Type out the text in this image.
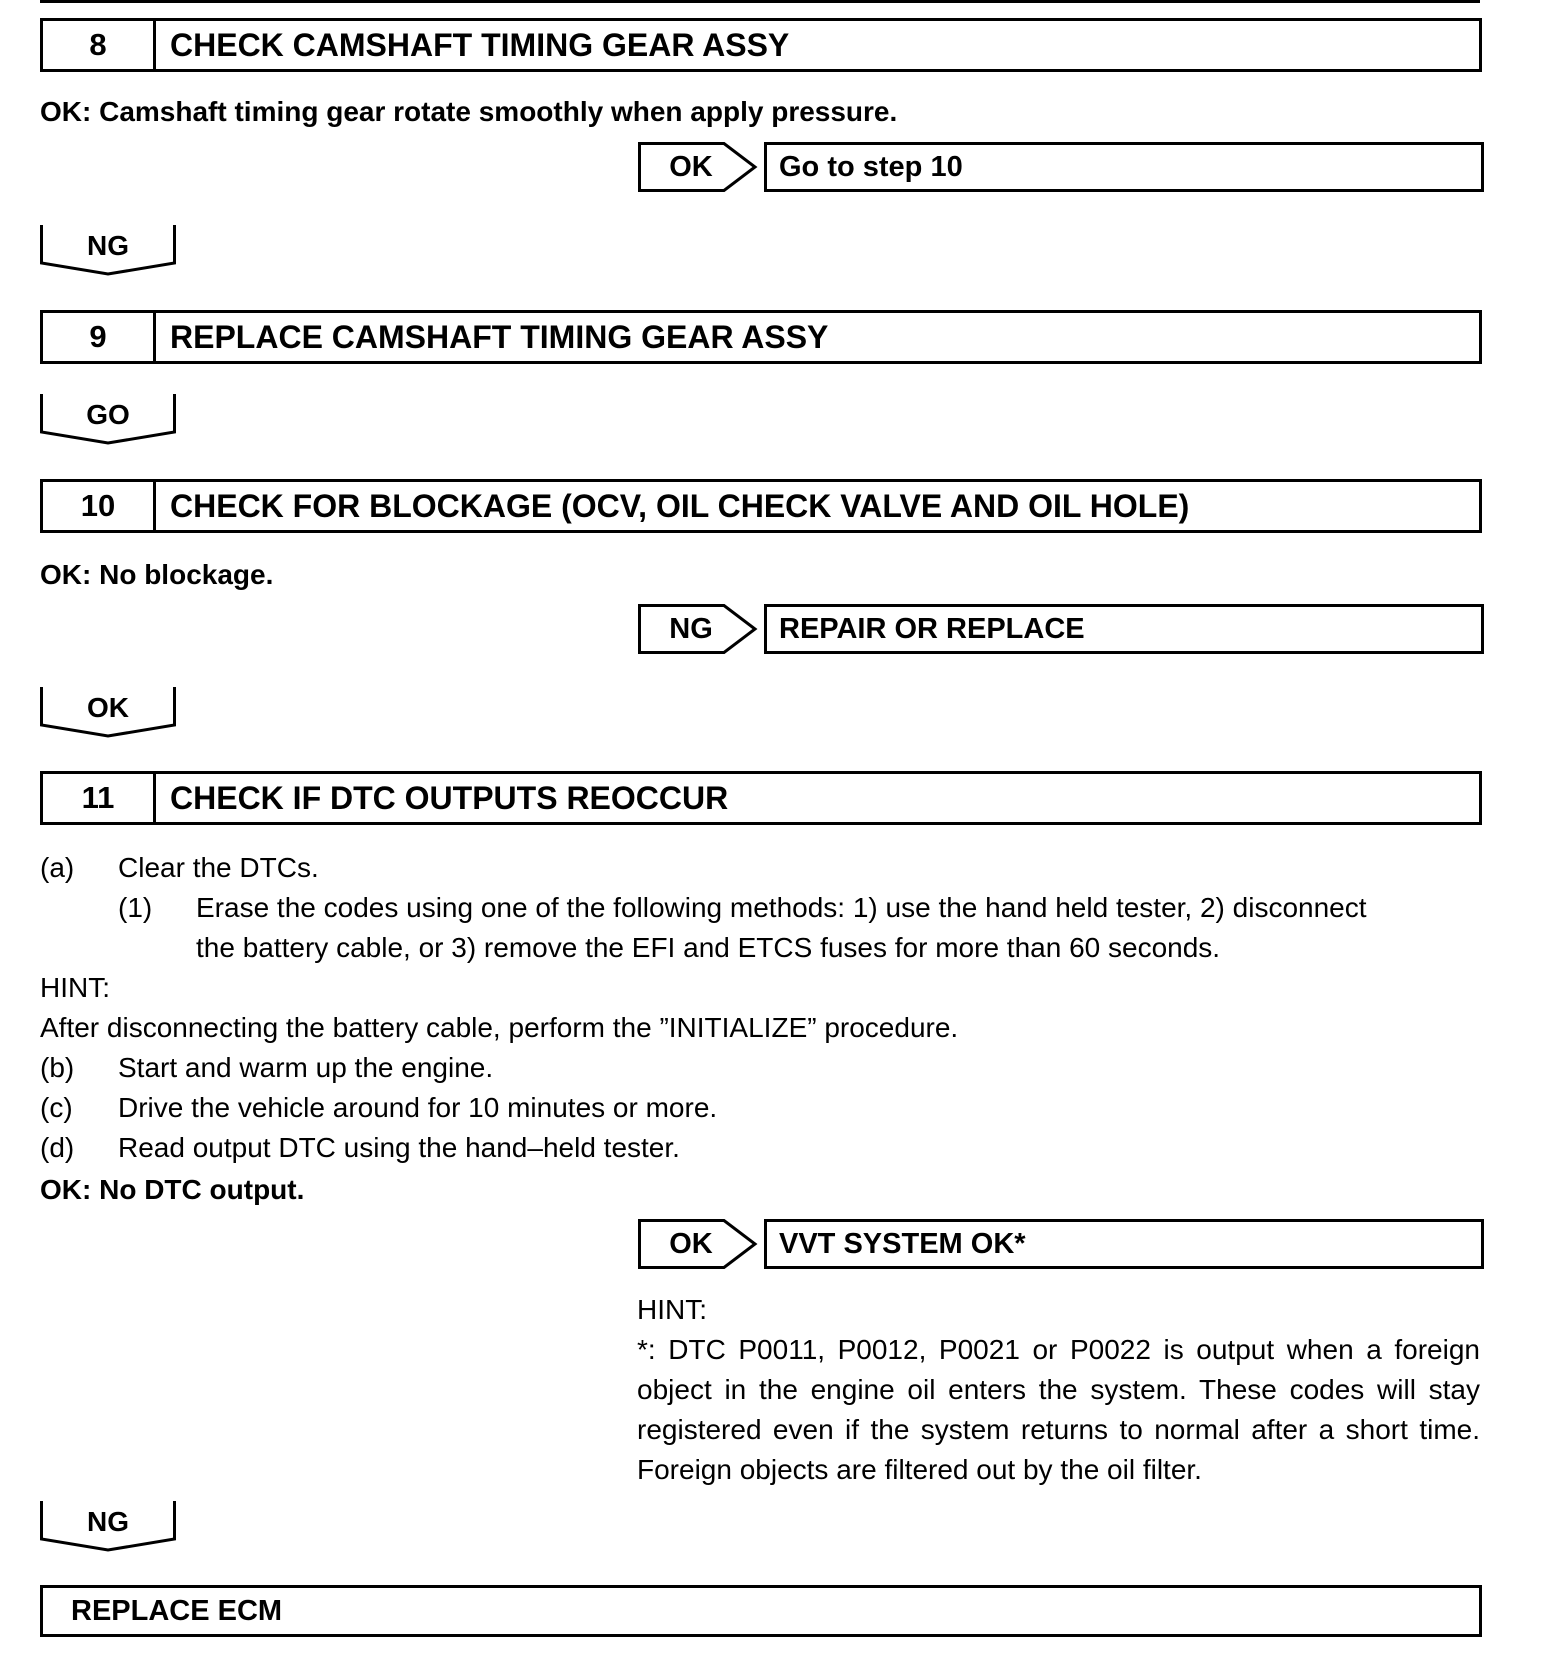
8	CHECK CAMSHAFT TIMING GEAR ASSY
OK: Camshaft timing gear rotate smoothly when apply pressure.
OK	Go to step 10
NG
9	REPLACE CAMSHAFT TIMING GEAR ASSY
GO
10	CHECK FOR BLOCKAGE (OCV, OIL CHECK VALVE AND OIL HOLE)
OK: No blockage.
NG	REPAIR OR REPLACE
OK
11	CHECK IF DTC OUTPUTS REOCCUR
(a) Clear the DTCs.
(1) Erase the codes using one of the following methods: 1) use the hand held tester, 2) disconnect
the battery cable, or 3) remove the EFI and ETCS fuses for more than 60 seconds.
HINT:
After disconnecting the battery cable, perform the ”INITIALIZE” procedure.
(b) Start and warm up the engine.
(c) Drive the vehicle around for 10 minutes or more.
(d) Read output DTC using the hand–held tester.
OK: No DTC output.
OK	VVT SYSTEM OK*
HINT:
*: DTC P0011, P0012, P0021 or P0022 is output when a foreign object in the engine oil enters the system. These codes will stay registered even if the system returns to normal after a short time. Foreign objects are filtered out by the oil filter.
NG
REPLACE ECM
